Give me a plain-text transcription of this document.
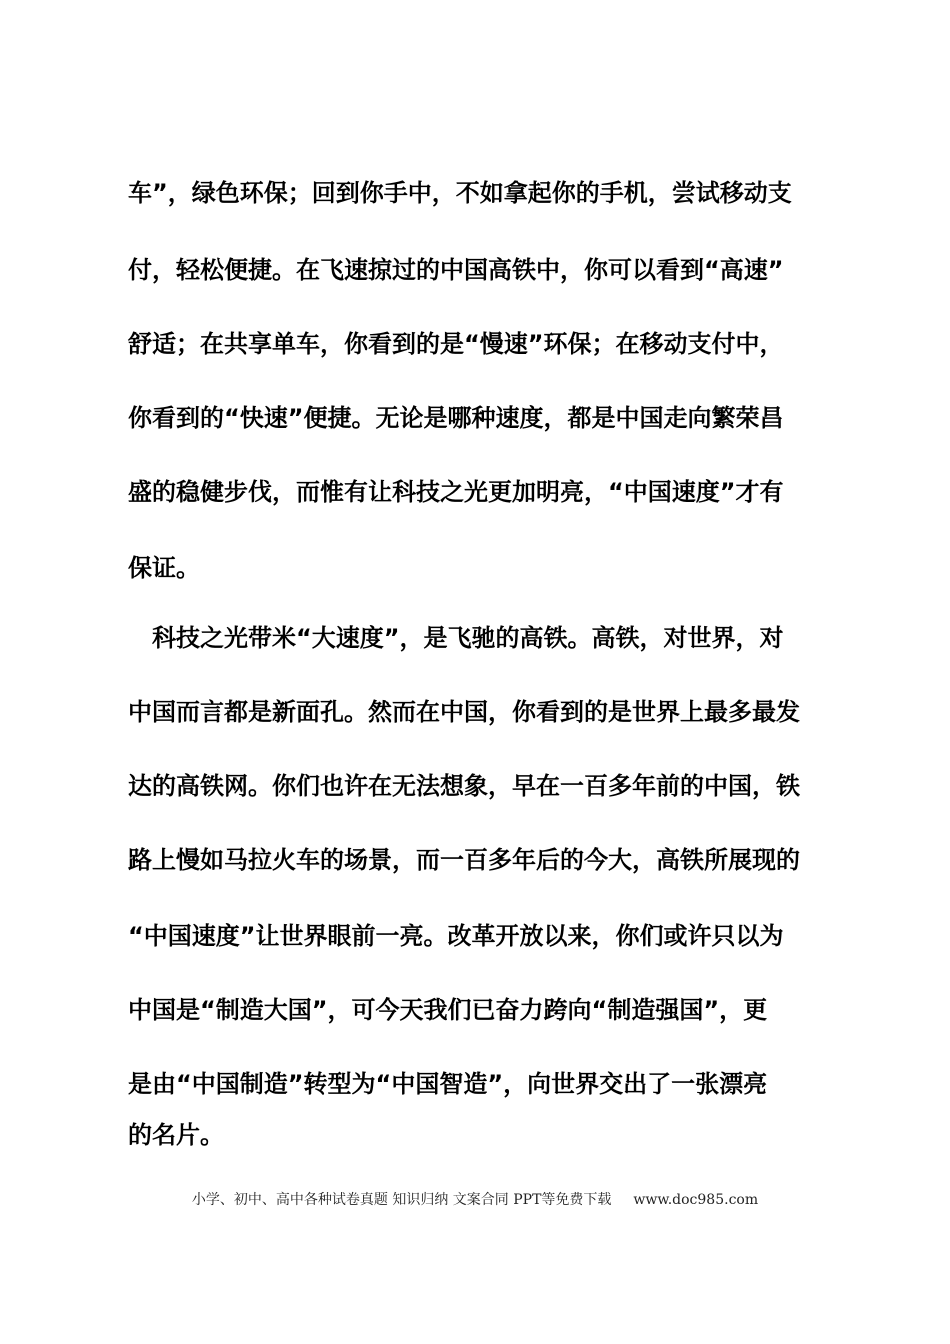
车”，绿色环保；回到你手中，不如拿起你的手机，尝试移动支
付，轻松便捷。在飞速掠过的中国高铁中，你可以看到“高速”
舒适；在共享单车，你看到的是“慢速”环保；在移动支付中，
你看到的“快速”便捷。无论是哪种速度，都是中国走向繁荣昌
盛的稳健步伐，而惟有让科技之光更加明亮，“中国速度”才有
保证。
　科技之光带米“大速度”，是飞驰的高铁。高铁，对世界，对
中国而言都是新面孔。然而在中国，你看到的是世界上最多最发
达的高铁网。你们也许在无法想象，早在一百多年前的中国，铁
路上慢如马拉火车的场景，而一百多年后的今大，高铁所展现的
“中国速度”让世界眼前一亮。改革开放以来，你们或许只以为
中国是“制造大国”，可今天我们已奋力跨向“制造强国”，更
是由“中国制造”转型为“中国智造”，向世界交出了一张漂亮
的名片。
小学、初中、高中各种试卷真题 知识归纳 文案合同 PPT等免费下载 www.doc985.com
